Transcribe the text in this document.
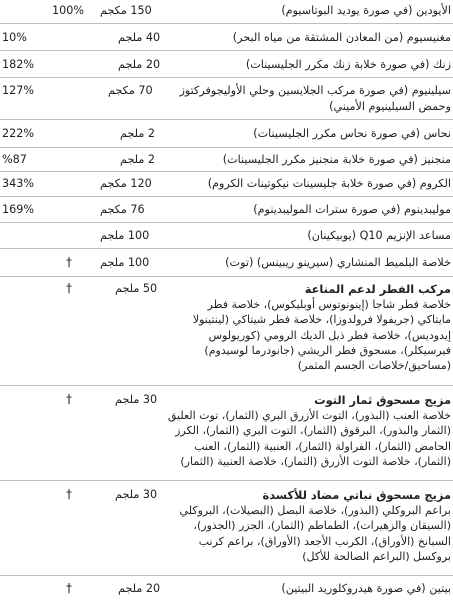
الأيودين (في صورة يوديد البوتاسيوم)
150 مكجم
100%
مغنيسيوم (من المعادن المشتقة من مياه البحر)
40 ملجم
10%
زنك (في صورة خلابة زنك مكرر الجليسينات)
20 ملجم
182%
سيلينيوم (في صورة مركب الجلايسين وحلي الأوليجوفركتوز
وحمض السيلينيوم الأميني)
70 مكجم
127%
نحاس (في صورة نحاس مكرر الجليسينات)
2 ملجم
222%
منجنيز (في صورة خلابة منجنيز مكرر الجليسينات)
2 ملجم
%87
الكروم (في صورة خلابة جليسينات نيكوتينات الكروم)
120 مكجم
343%
موليبدينوم (في صورة سترات الموليبدينوم)
76 مكجم
169%
مساعد الإنزيم Q10 (يوبيكينان)
100 ملجم
خلاصة البلميط المنشاري (سيرينو ريبينس) (توت)
100 ملجم
†
مركب الفطر لدعم المناعة
50 ملجم
†
خلاصة فطر شاجا (إينونوتوس أوبليكوس)، خلاصة فطر
مايتاكي (جريفولا فرولدوزا)، خلاصة فطر شيتاكي (لينتينولا
إيدوديس)، خلاصة فطر ذيل الديك الرومي (كوريولوس
فيرسيكلر)، مسحوق فطر الريشي (جانودرما لوسيدوم)
(مساحيق/خلاصات الجسم المثمر)
مزيج مسحوق ثمار التوت
30 ملجم
†
خلاصة العنب (البذور)، التوت الأزرق البري (الثمار)، توت العليق
(الثمار والبذور)، البرقوق (الثمار)، التوت البري (الثمار)، الكرز
الحامض (الثمار)، الفراولة (الثمار)، العنبية (الثمار)، العنب
(الثمار)، خلاصة التوت الأزرق (الثمار)، خلاصة العنبية (الثمار)
مزيج مسحوق نباتي مضاد للأكسدة
30 ملجم
†
براعم البروكلي (البذور)، خلاصة البصل (البصيلات)، البروكلي
(السيقان والزهيرات)، الطماطم (الثمار)، الجزر (الجذور)،
السبانخ (الأوراق)، الكرنب الأجعد (الأوراق)، براعم كرنب
بروكسل (البراعم الصالحة للأكل)
بيتين (في صورة هيدروكلوريد البيتين)
20 ملجم
†
